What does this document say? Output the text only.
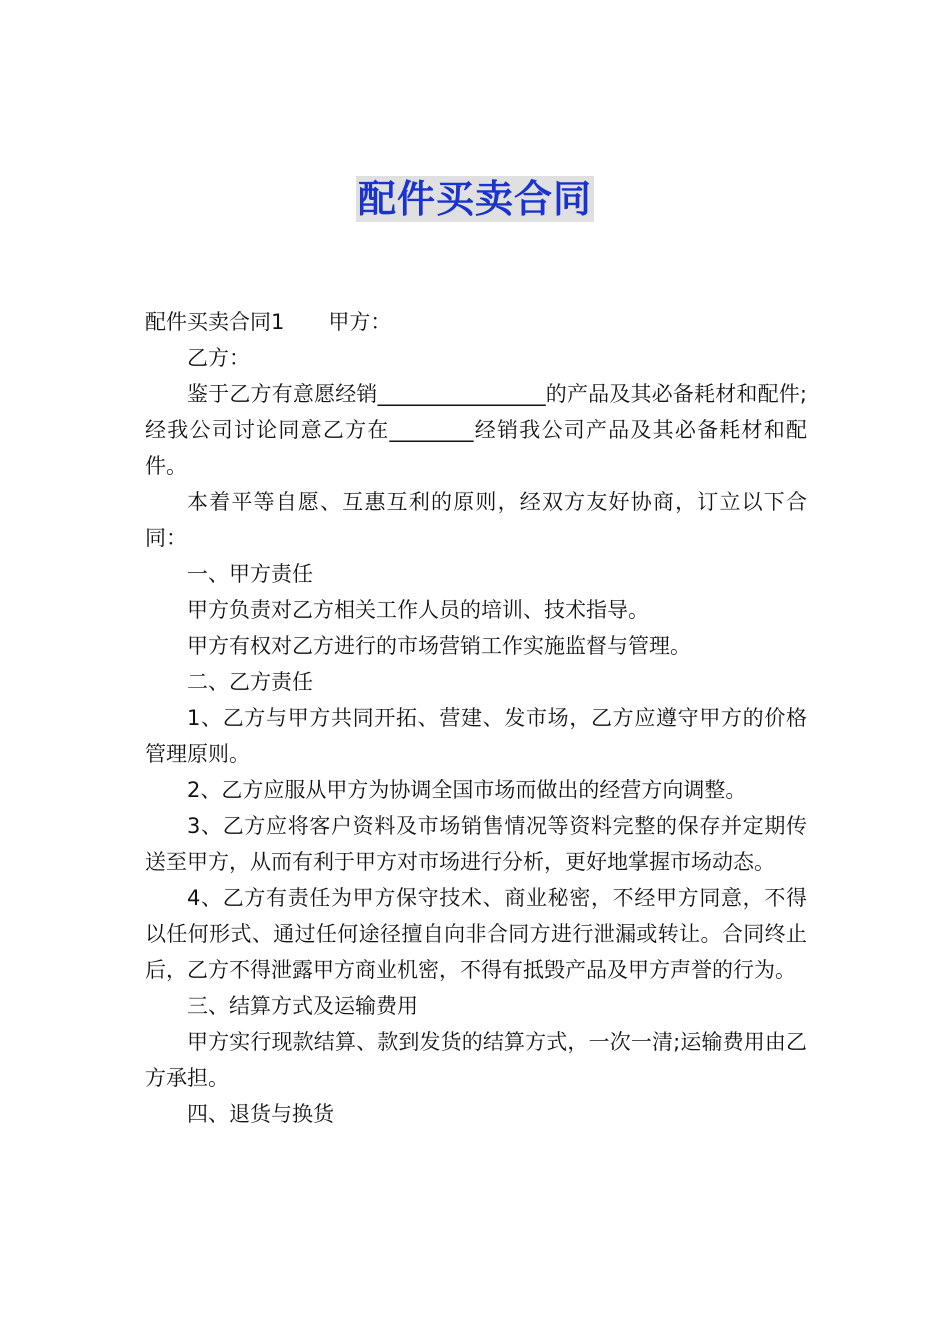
配件买卖合同

配件买卖合同1 甲方：

乙方：

鉴于乙方有意愿经销________________的产品及其必备耗材和配件;经我公司讨论同意乙方在________经销我公司产品及其必备耗材和配件。

本着平等自愿、互惠互利的原则，经双方友好协商，订立以下合同：

一、甲方责任

甲方负责对乙方相关工作人员的培训、技术指导。

甲方有权对乙方进行的市场营销工作实施监督与管理。

二、乙方责任

1、乙方与甲方共同开拓、营建、发市场，乙方应遵守甲方的价格管理原则。

2、乙方应服从甲方为协调全国市场而做出的经营方向调整。

3、乙方应将客户资料及市场销售情况等资料完整的保存并定期传送至甲方，从而有利于甲方对市场进行分析，更好地掌握市场动态。

4、乙方有责任为甲方保守技术、商业秘密，不经甲方同意，不得以任何形式、通过任何途径擅自向非合同方进行泄漏或转让。合同终止后，乙方不得泄露甲方商业机密，不得有抵毁产品及甲方声誉的行为。

三、结算方式及运输费用

甲方实行现款结算、款到发货的结算方式，一次一清;运输费用由乙方承担。

四、退货与换货
